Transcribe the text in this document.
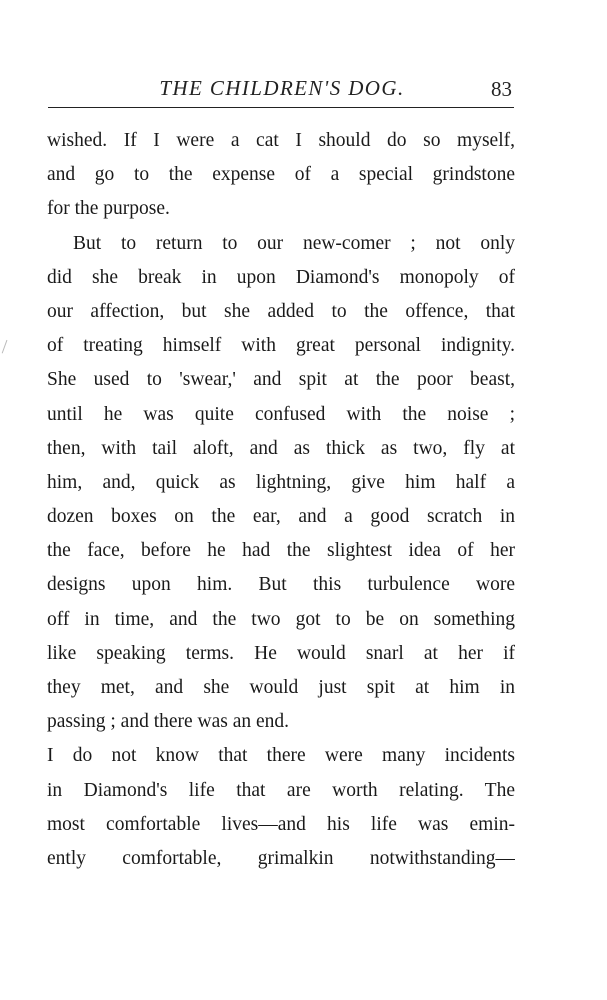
THE CHILDREN'S DOG.	83
wished. If I were a cat I should do so myself,
and go to the expense of a special grindstone
for the purpose.
But to return to our new-comer ; not only
did she break in upon Diamond's monopoly of
our affection, but she added to the offence, that
of treating himself with great personal indignity.
She used to 'swear,' and spit at the poor beast,
until he was quite confused with the noise ;
then, with tail aloft, and as thick as two, fly at
him, and, quick as lightning, give him half a
dozen boxes on the ear, and a good scratch in
the face, before he had the slightest idea of her
designs upon him. But this turbulence wore
off in time, and the two got to be on something
like speaking terms. He would snarl at her if
they met, and she would just spit at him in
passing ; and there was an end.
I do not know that there were many incidents
in Diamond's life that are worth relating. The
most comfortable lives—and his life was emin-
ently comfortable, grimalkin notwithstanding—
